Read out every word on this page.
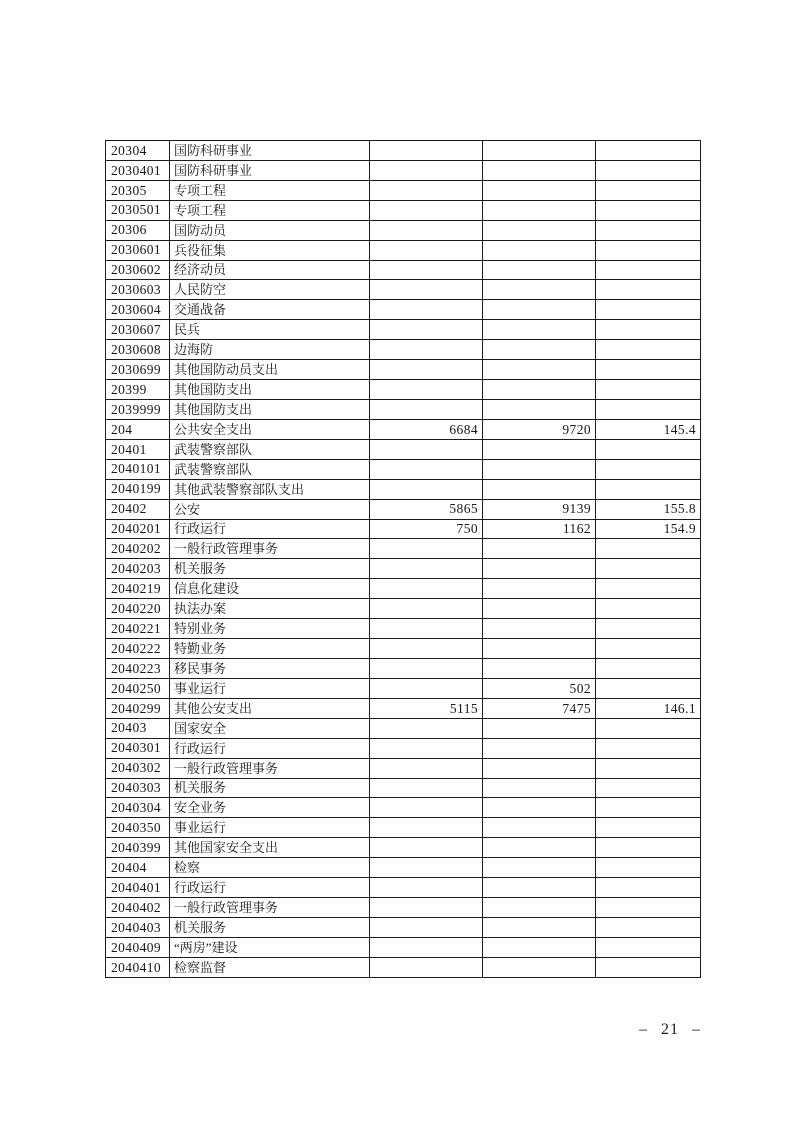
20304	国防科研事业			
2030401	国防科研事业			
20305	专项工程			
2030501	专项工程			
20306	国防动员			
2030601	兵役征集			
2030602	经济动员			
2030603	人民防空			
2030604	交通战备			
2030607	民兵			
2030608	边海防			
2030699	其他国防动员支出			
20399	其他国防支出			
2039999	其他国防支出			
204	公共安全支出	6684	9720	145.4
20401	武装警察部队			
2040101	武装警察部队			
2040199	其他武装警察部队支出			
20402	公安	5865	9139	155.8
2040201	行政运行	750	1162	154.9
2040202	一般行政管理事务			
2040203	机关服务			
2040219	信息化建设			
2040220	执法办案			
2040221	特别业务			
2040222	特勤业务			
2040223	移民事务			
2040250	事业运行		502	
2040299	其他公安支出	5115	7475	146.1
20403	国家安全			
2040301	行政运行			
2040302	一般行政管理事务			
2040303	机关服务			
2040304	安全业务			
2040350	事业运行			
2040399	其他国家安全支出			
20404	检察			
2040401	行政运行			
2040402	一般行政管理事务			
2040403	机关服务			
2040409	“两房”建设			
2040410	检察监督			
– 21 –
